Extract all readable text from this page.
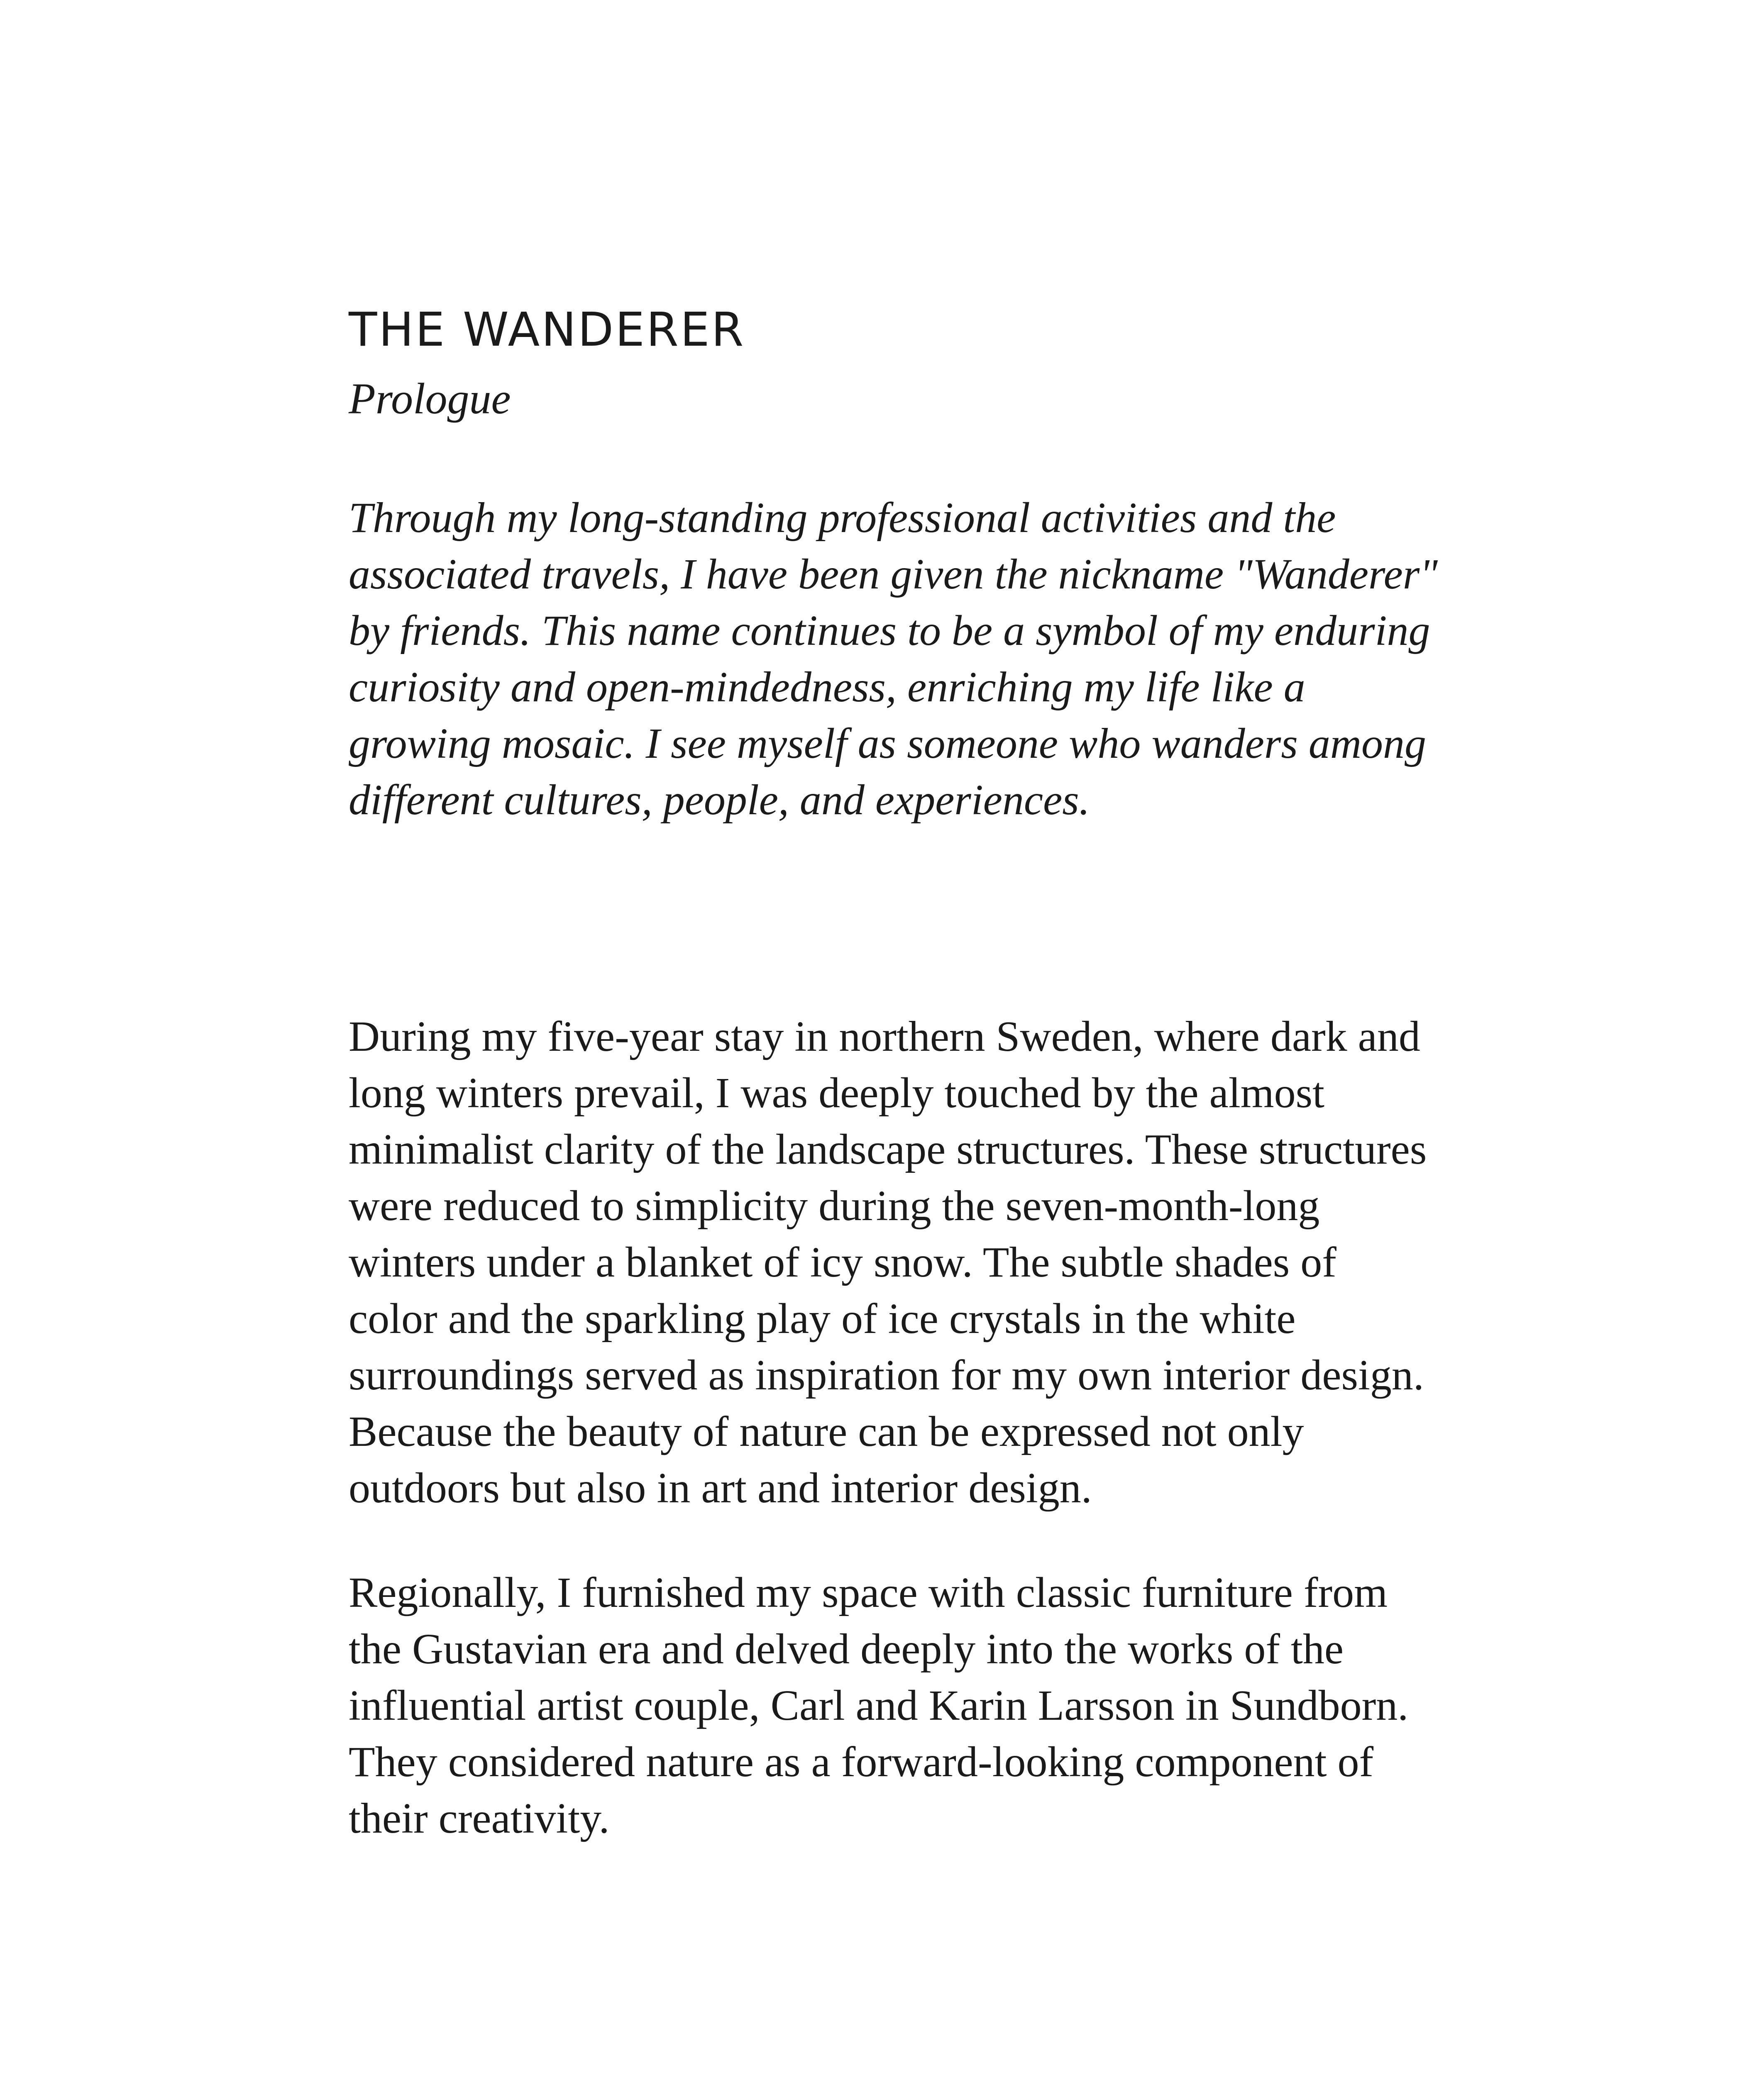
THE WANDERER

Prologue

Through my long-standing professional activities and the
associated travels, I have been given the nickname "Wanderer"
by friends. This name continues to be a symbol of my enduring
curiosity and open-mindedness, enriching my life like a
growing mosaic. I see myself as someone who wanders among
different cultures, people, and experiences.

During my five-year stay in northern Sweden, where dark and
long winters prevail, I was deeply touched by the almost
minimalist clarity of the landscape structures. These structures
were reduced to simplicity during the seven-month-long
winters under a blanket of icy snow. The subtle shades of
color and the sparkling play of ice crystals in the white
surroundings served as inspiration for my own interior design.
Because the beauty of nature can be expressed not only
outdoors but also in art and interior design.

Regionally, I furnished my space with classic furniture from
the Gustavian era and delved deeply into the works of the
influential artist couple, Carl and Karin Larsson in Sundborn.
They considered nature as a forward-looking component of
their creativity.
